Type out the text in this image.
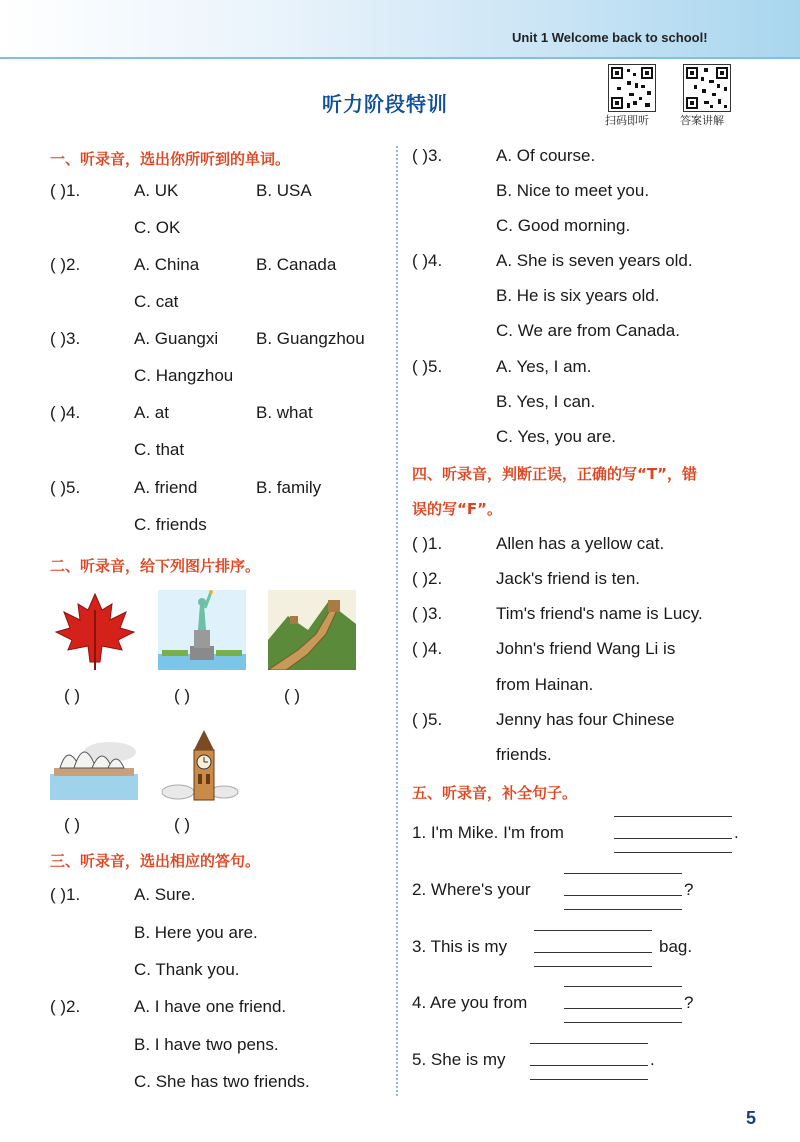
Unit 1 Welcome back to school!
听力阶段特训
扫码即听	答案讲解
一、听录音，选出你所听到的单词。
( )1.	A. UK	B. USA
C. OK
( )2.	A. China	B. Canada
C. cat
( )3.	A. Guangxi B. Guangzhou
C. Hangzhou
( )4.	A. at	B. what
C. that
( )5.	A. friend	B. family
C. friends
二、听录音，给下列图片排序。
( )	( )	( )
( )	( )
三、听录音，选出相应的答句。
( )1.	A. Sure.
B. Here you are.
C. Thank you.
( )2.	A. I have one friend.
B. I have two pens.
C. She has two friends.
( )3.	A. Of course.
B. Nice to meet you.
C. Good morning.
( )4.	A. She is seven years old.
B. He is six years old.
C. We are from Canada.
( )5.	A. Yes, I am.
B. Yes, I can.
C. Yes, you are.
四、听录音，判断正误，正确的写“T”，错
误的写“F”。
( )1.	Allen has a yellow cat.
( )2.	Jack's friend is ten.
( )3.	Tim's friend's name is Lucy.
( )4.	John's friend Wang Li is
from Hainan.
( )5.	Jenny has four Chinese
friends.
五、听录音，补全句子。
1. I'm Mike. I'm from	.
2. Where's your	?
3. This is my	bag.
4. Are you from	?
5. She is my	.
5
